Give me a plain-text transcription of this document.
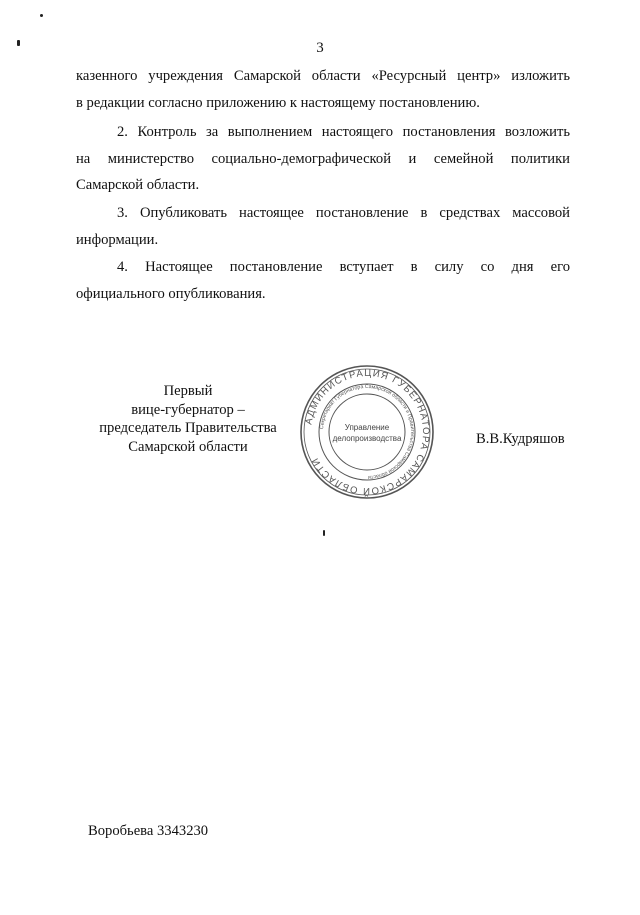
3

казенного учреждения Самарской области «Ресурсный центр» изложить
в редакции согласно приложению к настоящему постановлению.

2. Контроль за выполнением настоящего постановления возложить
на министерство социально-демографической и семейной политики
Самарской области.

3. Опубликовать настоящее постановление в средствах массовой
информации.

4. Настоящее постановление вступает в силу со дня его
официального опубликования.

Первый
вице-губернатор –
председатель Правительства
Самарской области
АДМИНИСТРАЦИЯ ГУБЕРНАТОРА САМАРСКОЙ ОБЛАСТИ
Секретариат Губернатора Самарской области и Правительства Самарской области
Управление
делопроизводства	В.В.Кудряшов
Воробьева 3343230
